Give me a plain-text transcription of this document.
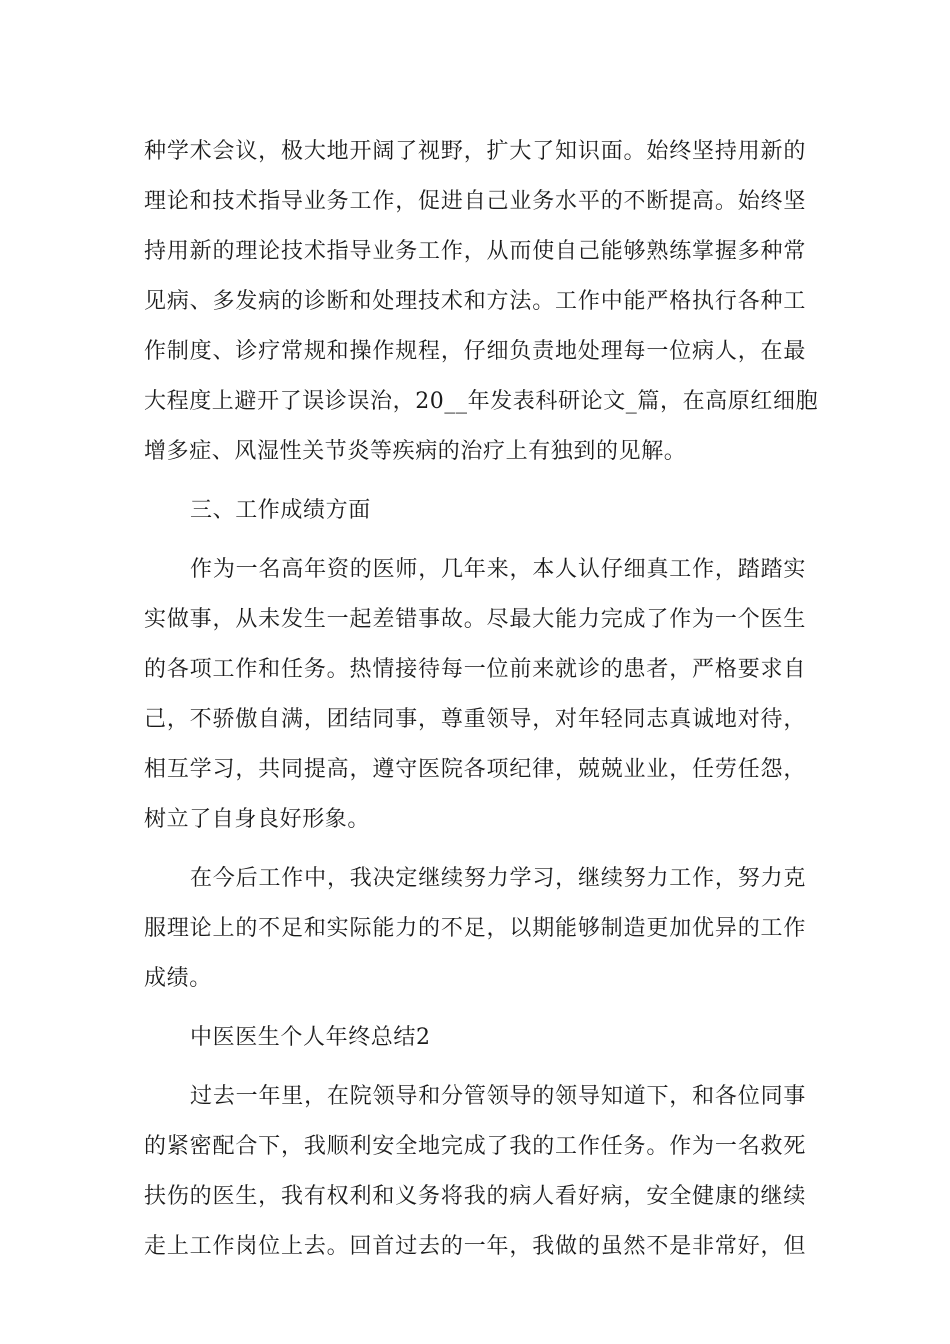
种学术会议，极大地开阔了视野，扩大了知识面。始终坚持用新的
理论和技术指导业务工作，促进自己业务水平的不断提高。始终坚
持用新的理论技术指导业务工作，从而使自己能够熟练掌握多种常
见病、多发病的诊断和处理技术和方法。工作中能严格执行各种工
作制度、诊疗常规和操作规程，仔细负责地处理每一位病人，在最
大程度上避开了误诊误治，20__年发表科研论文_篇，在高原红细胞
增多症、风湿性关节炎等疾病的治疗上有独到的见解。
三、工作成绩方面
作为一名高年资的医师，几年来，本人认仔细真工作，踏踏实
实做事，从未发生一起差错事故。尽最大能力完成了作为一个医生
的各项工作和任务。热情接待每一位前来就诊的患者，严格要求自
己，不骄傲自满，团结同事，尊重领导，对年轻同志真诚地对待，
相互学习，共同提高，遵守医院各项纪律，兢兢业业，任劳任怨，
树立了自身良好形象。
在今后工作中，我决定继续努力学习，继续努力工作，努力克
服理论上的不足和实际能力的不足，以期能够制造更加优异的工作
成绩。
中医医生个人年终总结2
过去一年里，在院领导和分管领导的领导知道下，和各位同事
的紧密配合下，我顺利安全地完成了我的工作任务。作为一名救死
扶伤的医生，我有权利和义务将我的病人看好病，安全健康的继续
走上工作岗位上去。回首过去的一年，我做的虽然不是非常好，但
